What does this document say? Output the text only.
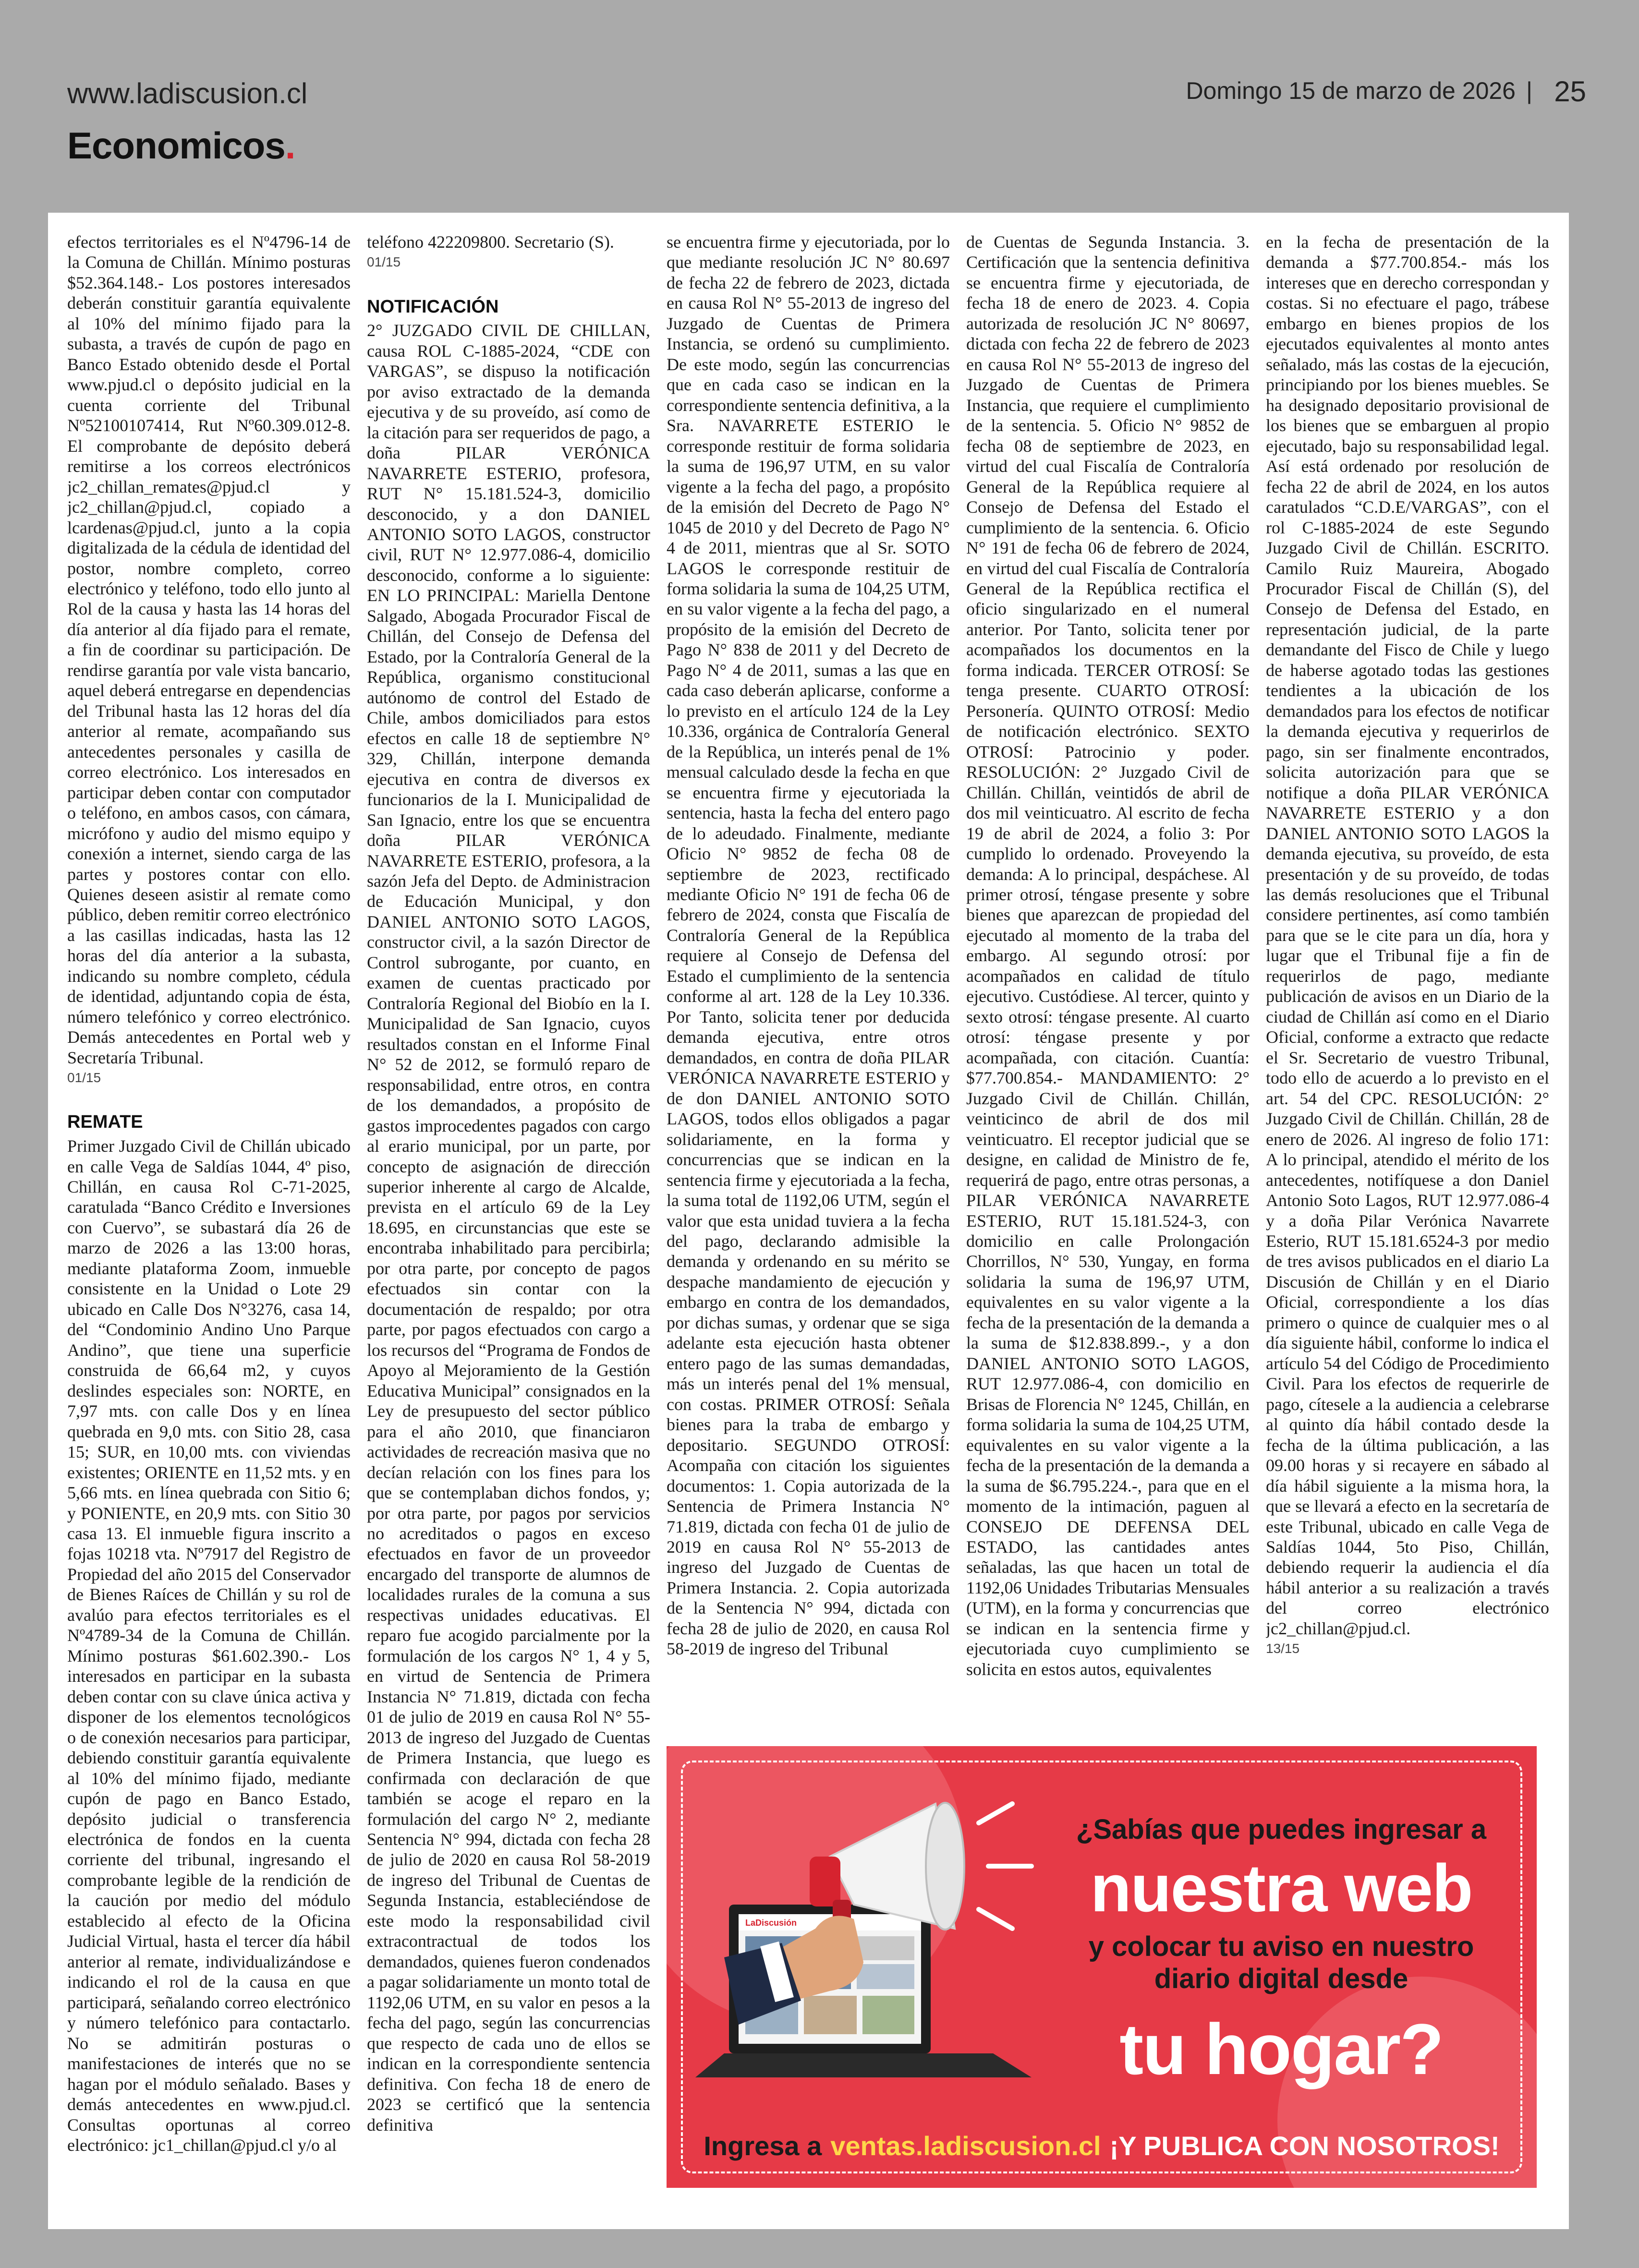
www.ladiscusion.cl	Domingo 15 de marzo de 2026 | 25
Economicos.

efectos territoriales es el Nº4796-14 de la Comuna de Chillán. Mínimo posturas $52.364.148.- Los postores interesados deberán constituir garantía equivalente al 10% del mínimo fijado para la subasta, a través de cupón de pago en Banco Estado obtenido desde el Portal www.pjud.cl o depósito judicial en la cuenta corriente del Tribunal Nº52100107414, Rut Nº60.309.012-8. El comprobante de depósito deberá remitirse a los correos electrónicos jc2_chillan_remates@pjud.cl y jc2_chillan@pjud.cl, copiado a lcardenas@pjud.cl, junto a la copia digitalizada de la cédula de identidad del postor, nombre completo, correo electrónico y teléfono, todo ello junto al Rol de la causa y hasta las 14 horas del día anterior al día fijado para el remate, a fin de coordinar su participación. De rendirse garantía por vale vista bancario, aquel deberá entregarse en dependencias del Tribunal hasta las 12 horas del día anterior al remate, acompañando sus antecedentes personales y casilla de correo electrónico. Los interesados en participar deben contar con computador o teléfono, en ambos casos, con cámara, micrófono y audio del mismo equipo y conexión a internet, siendo carga de las partes y postores contar con ello. Quienes deseen asistir al remate como público, deben remitir correo electrónico a las casillas indicadas, hasta las 12 horas del día anterior a la subasta, indicando su nombre completo, cédula de identidad, adjuntando copia de ésta, número telefónico y correo electrónico. Demás antecedentes en Portal web y Secretaría Tribunal.

01/15
REMATE

Primer Juzgado Civil de Chillán ubicado en calle Vega de Saldías 1044, 4º piso, Chillán, en causa Rol C-71-2025, caratulada “Banco Crédito e Inversiones con Cuervo”, se subastará día 26 de marzo de 2026 a las 13:00 horas, mediante plataforma Zoom, inmueble consistente en la Unidad o Lote 29 ubicado en Calle Dos N°3276, casa 14, del “Condominio Andino Uno Parque Andino”, que tiene una superficie construida de 66,64 m2, y cuyos deslindes especiales son: NORTE, en 7,97 mts. con calle Dos y en línea quebrada en 9,0 mts. con Sitio 28, casa 15; SUR, en 10,00 mts. con viviendas existentes; ORIENTE en 11,52 mts. y en 5,66 mts. en línea quebrada con Sitio 6; y PONIENTE, en 20,9 mts. con Sitio 30 casa 13. El inmueble figura inscrito a fojas 10218 vta. Nº7917 del Registro de Propiedad del año 2015 del Conservador de Bienes Raíces de Chillán y su rol de avalúo para efectos territoriales es el Nº4789-34 de la Comuna de Chillán. Mínimo posturas $61.602.390.- Los interesados en participar en la subasta deben contar con su clave única activa y disponer de los elementos tecnológicos o de conexión necesarios para participar, debiendo constituir garantía equivalente al 10% del mínimo fijado, mediante cupón de pago en Banco Estado, depósito judicial o transferencia electrónica de fondos en la cuenta corriente del tribunal, ingresando el comprobante legible de la rendición de la caución por medio del módulo establecido al efecto de la Oficina Judicial Virtual, hasta el tercer día hábil anterior al remate, individualizándose e indicando el rol de la causa en que participará, señalando correo electrónico y número telefónico para contactarlo. No se admitirán posturas o manifestaciones de interés que no se hagan por el módulo señalado. Bases y demás antecedentes en www.pjud.cl. Consultas oportunas al correo electrónico: jc1_chillan@pjud.cl y/o al

teléfono 422209800. Secretario (S).

01/15
NOTIFICACIÓN

2° JUZGADO CIVIL DE CHILLAN, causa ROL C-1885-2024, “CDE con VARGAS”, se dispuso la notificación por aviso extractado de la demanda ejecutiva y de su proveído, así como de la citación para ser requeridos de pago, a doña PILAR VERÓNICA NAVARRETE ESTERIO, profesora, RUT N° 15.181.524-3, domicilio desconocido, y a don DANIEL ANTONIO SOTO LAGOS, constructor civil, RUT N° 12.977.086-4, domicilio desconocido, conforme a lo siguiente: EN LO PRINCIPAL: Mariella Dentone Salgado, Abogada Procurador Fiscal de Chillán, del Consejo de Defensa del Estado, por la Contraloría General de la República, organismo constitucional autónomo de control del Estado de Chile, ambos domiciliados para estos efectos en calle 18 de septiembre N° 329, Chillán, interpone demanda ejecutiva en contra de diversos ex funcionarios de la I. Municipalidad de San Ignacio, entre los que se encuentra doña PILAR VERÓNICA NAVARRETE ESTERIO, profesora, a la sazón Jefa del Depto. de Administracion de Educación Municipal, y don DANIEL ANTONIO SOTO LAGOS, constructor civil, a la sazón Director de Control subrogante, por cuanto, en examen de cuentas practicado por Contraloría Regional del Biobío en la I. Municipalidad de San Ignacio, cuyos resultados constan en el Informe Final N° 52 de 2012, se formuló reparo de responsabilidad, entre otros, en contra de los demandados, a propósito de gastos improcedentes pagados con cargo al erario municipal, por un parte, por concepto de asignación de dirección superior inherente al cargo de Alcalde, prevista en el artículo 69 de la Ley 18.695, en circunstancias que este se encontraba inhabilitado para percibirla; por otra parte, por concepto de pagos efectuados sin contar con la documentación de respaldo; por otra parte, por pagos efectuados con cargo a los recursos del “Programa de Fondos de Apoyo al Mejoramiento de la Gestión Educativa Municipal” consignados en la Ley de presupuesto del sector público para el año 2010, que financiaron actividades de recreación masiva que no decían relación con los fines para los que se contemplaban dichos fondos, y; por otra parte, por pagos por servicios no acreditados o pagos en exceso efectuados en favor de un proveedor encargado del transporte de alumnos de localidades rurales de la comuna a sus respectivas unidades educativas. El reparo fue acogido parcialmente por la formulación de los cargos N° 1, 4 y 5, en virtud de Sentencia de Primera Instancia N° 71.819, dictada con fecha 01 de julio de 2019 en causa Rol N° 55-2013 de ingreso del Juzgado de Cuentas de Primera Instancia, que luego es confirmada con declaración de que también se acoge el reparo en la formulación del cargo N° 2, mediante Sentencia N° 994, dictada con fecha 28 de julio de 2020 en causa Rol 58-2019 de ingreso del Tribunal de Cuentas de Segunda Instancia, estableciéndose de este modo la responsabilidad civil extracontractual de todos los demandados, quienes fueron condenados a pagar solidariamente un monto total de 1192,06 UTM, en su valor en pesos a la fecha del pago, según las concurrencias que respecto de cada uno de ellos se indican en la correspondiente sentencia definitiva. Con fecha 18 de enero de 2023 se certificó que la sentencia definitiva

se encuentra firme y ejecutoriada, por lo que mediante resolución JC N° 80.697 de fecha 22 de febrero de 2023, dictada en causa Rol N° 55-2013 de ingreso del Juzgado de Cuentas de Primera Instancia, se ordenó su cumplimiento. De este modo, según las concurrencias que en cada caso se indican en la correspondiente sentencia definitiva, a la Sra. NAVARRETE ESTERIO le corresponde restituir de forma solidaria la suma de 196,97 UTM, en su valor vigente a la fecha del pago, a propósito de la emisión del Decreto de Pago N° 1045 de 2010 y del Decreto de Pago N° 4 de 2011, mientras que al Sr. SOTO LAGOS le corresponde restituir de forma solidaria la suma de 104,25 UTM, en su valor vigente a la fecha del pago, a propósito de la emisión del Decreto de Pago N° 838 de 2011 y del Decreto de Pago N° 4 de 2011, sumas a las que en cada caso deberán aplicarse, conforme a lo previsto en el artículo 124 de la Ley 10.336, orgánica de Contraloría General de la República, un interés penal de 1% mensual calculado desde la fecha en que se encuentra firme y ejecutoriada la sentencia, hasta la fecha del entero pago de lo adeudado. Finalmente, mediante Oficio N° 9852 de fecha 08 de septiembre de 2023, rectificado mediante Oficio N° 191 de fecha 06 de febrero de 2024, consta que Fiscalía de Contraloría General de la República requiere al Consejo de Defensa del Estado el cumplimiento de la sentencia conforme al art. 128 de la Ley 10.336. Por Tanto, solicita tener por deducida demanda ejecutiva, entre otros demandados, en contra de doña PILAR VERÓNICA NAVARRETE ESTERIO y de don DANIEL ANTONIO SOTO LAGOS, todos ellos obligados a pagar solidariamente, en la forma y concurrencias que se indican en la sentencia firme y ejecutoriada a la fecha, la suma total de 1192,06 UTM, según el valor que esta unidad tuviera a la fecha del pago, declarando admisible la demanda y ordenando en su mérito se despache mandamiento de ejecución y embargo en contra de los demandados, por dichas sumas, y ordenar que se siga adelante esta ejecución hasta obtener entero pago de las sumas demandadas, más un interés penal del 1% mensual, con costas. PRIMER OTROSÍ: Señala bienes para la traba de embargo y depositario. SEGUNDO OTROSÍ: Acompaña con citación los siguientes documentos: 1. Copia autorizada de la Sentencia de Primera Instancia N° 71.819, dictada con fecha 01 de julio de 2019 en causa Rol N° 55-2013 de ingreso del Juzgado de Cuentas de Primera Instancia. 2. Copia autorizada de la Sentencia N° 994, dictada con fecha 28 de julio de 2020, en causa Rol 58-2019 de ingreso del Tribunal

de Cuentas de Segunda Instancia. 3. Certificación que la sentencia definitiva se encuentra firme y ejecutoriada, de fecha 18 de enero de 2023. 4. Copia autorizada de resolución JC N° 80697, dictada con fecha 22 de febrero de 2023 en causa Rol N° 55-2013 de ingreso del Juzgado de Cuentas de Primera Instancia, que requiere el cumplimiento de la sentencia. 5. Oficio N° 9852 de fecha 08 de septiembre de 2023, en virtud del cual Fiscalía de Contraloría General de la República requiere al Consejo de Defensa del Estado el cumplimiento de la sentencia. 6. Oficio N° 191 de fecha 06 de febrero de 2024, en virtud del cual Fiscalía de Contraloría General de la República rectifica el oficio singularizado en el numeral anterior. Por Tanto, solicita tener por acompañados los documentos en la forma indicada. TERCER OTROSÍ: Se tenga presente. CUARTO OTROSÍ: Personería. QUINTO OTROSÍ: Medio de notificación electrónico. SEXTO OTROSÍ: Patrocinio y poder. RESOLUCIÓN: 2° Juzgado Civil de Chillán. Chillán, veintidós de abril de dos mil veinticuatro. Al escrito de fecha 19 de abril de 2024, a folio 3: Por cumplido lo ordenado. Proveyendo la demanda: A lo principal, despáchese. Al primer otrosí, téngase presente y sobre bienes que aparezcan de propiedad del ejecutado al momento de la traba del embargo. Al segundo otrosí: por acompañados en calidad de título ejecutivo. Custódiese. Al tercer, quinto y sexto otrosí: téngase presente. Al cuarto otrosí: téngase presente y por acompañada, con citación. Cuantía: $77.700.854.- MANDAMIENTO: 2° Juzgado Civil de Chillán. Chillán, veinticinco de abril de dos mil veinticuatro. El receptor judicial que se designe, en calidad de Ministro de fe, requerirá de pago, entre otras personas, a PILAR VERÓNICA NAVARRETE ESTERIO, RUT 15.181.524-3, con domicilio en calle Prolongación Chorrillos, N° 530, Yungay, en forma solidaria la suma de 196,97 UTM, equivalentes en su valor vigente a la fecha de la presentación de la demanda a la suma de $12.838.899.-, y a don DANIEL ANTONIO SOTO LAGOS, RUT 12.977.086-4, con domicilio en Brisas de Florencia N° 1245, Chillán, en forma solidaria la suma de 104,25 UTM, equivalentes en su valor vigente a la fecha de la presentación de la demanda a la suma de $6.795.224.-, para que en el momento de la intimación, paguen al CONSEJO DE DEFENSA DEL ESTADO, las cantidades antes señaladas, las que hacen un total de 1192,06 Unidades Tributarias Mensuales (UTM), en la forma y concurrencias que se indican en la sentencia firme y ejecutoriada cuyo cumplimiento se solicita en estos autos, equivalentes

en la fecha de presentación de la demanda a $77.700.854.- más los intereses que en derecho correspondan y costas. Si no efectuare el pago, trábese embargo en bienes propios de los ejecutados equivalentes al monto antes señalado, más las costas de la ejecución, principiando por los bienes muebles. Se ha designado depositario provisional de los bienes que se embarguen al propio ejecutado, bajo su responsabilidad legal. Así está ordenado por resolución de fecha 22 de abril de 2024, en los autos caratulados “C.D.E/VARGAS”, con el rol C-1885-2024 de este Segundo Juzgado Civil de Chillán. ESCRITO. Camilo Ruiz Maureira, Abogado Procurador Fiscal de Chillán (S), del Consejo de Defensa del Estado, en representación judicial, de la parte demandante del Fisco de Chile y luego de haberse agotado todas las gestiones tendientes a la ubicación de los demandados para los efectos de notificar la demanda ejecutiva y requerirlos de pago, sin ser finalmente encontrados, solicita autorización para que se notifique a doña PILAR VERÓNICA NAVARRETE ESTERIO y a don DANIEL ANTONIO SOTO LAGOS la demanda ejecutiva, su proveído, de esta presentación y de su proveído, de todas las demás resoluciones que el Tribunal considere pertinentes, así como también para que se le cite para un día, hora y lugar que el Tribunal fije a fin de requerirlos de pago, mediante publicación de avisos en un Diario de la ciudad de Chillán así como en el Diario Oficial, conforme a extracto que redacte el Sr. Secretario de vuestro Tribunal, todo ello de acuerdo a lo previsto en el art. 54 del CPC. RESOLUCIÓN: 2° Juzgado Civil de Chillán. Chillán, 28 de enero de 2026. Al ingreso de folio 171: A lo principal, atendido el mérito de los antecedentes, notifíquese a don Daniel Antonio Soto Lagos, RUT 12.977.086-4 y a doña Pilar Verónica Navarrete Esterio, RUT 15.181.6524-3 por medio de tres avisos publicados en el diario La Discusión de Chillán y en el Diario Oficial, correspondiente a los días primero o quince de cualquier mes o al día siguiente hábil, conforme lo indica el artículo 54 del Código de Procedimiento Civil. Para los efectos de requerirle de pago, cítesele a la audiencia a celebrarse al quinto día hábil contado desde la fecha de la última publicación, a las 09.00 horas y si recayere en sábado al día hábil siguiente a la misma hora, la que se llevará a efecto en la secretaría de este Tribunal, ubicado en calle Vega de Saldías 1044, 5to Piso, Chillán, debiendo requerir la audiencia el día hábil anterior a su realización a través del correo electrónico jc2_chillan@pjud.cl.

13/15
LaDiscusión
¿Sabías que puedes ingresar a
nuestra web
y colocar tu aviso en nuestro diario digital desde
tu hogar?
Ingresa a ventas.ladiscusion.cl ¡Y PUBLICA CON NOSOTROS!
